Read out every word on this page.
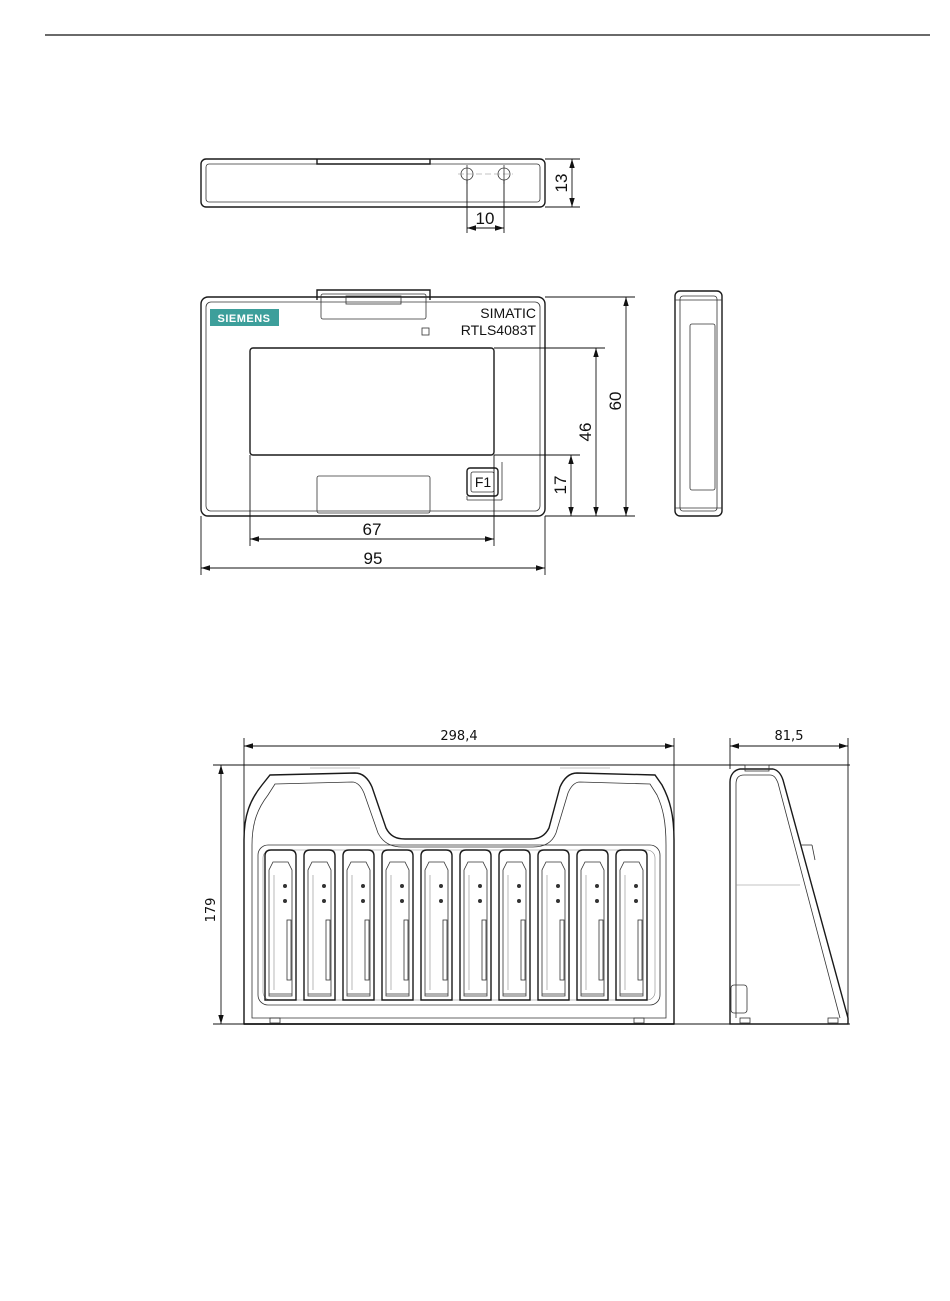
13
10
F1
SIEMENS	SIMATIC
RTLS4083T
60
46
17
67
95
298,4
179
81,5
